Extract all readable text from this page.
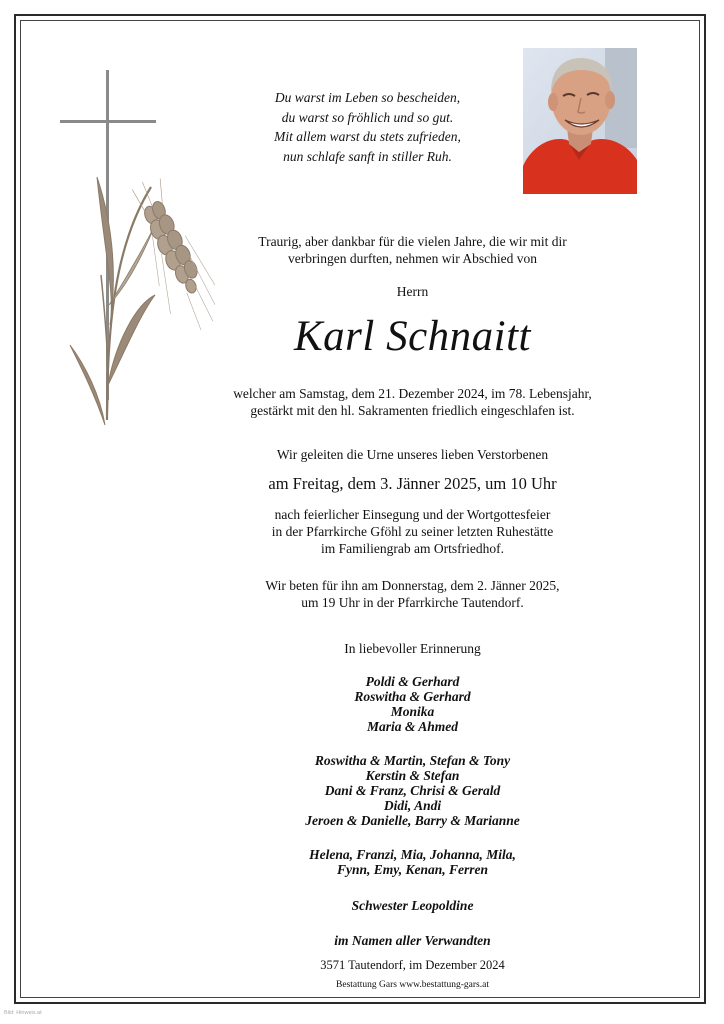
Du warst im Leben so bescheiden,
du warst so fröhlich und so gut.
Mit allem warst du stets zufrieden,
nun schlafe sanft in stiller Ruh.
Traurig, aber dankbar für die vielen Jahre, die wir mit dir
verbringen durften, nehmen wir Abschied von
Herrn
Karl Schnaitt
welcher am Samstag, dem 21. Dezember 2024, im 78. Lebensjahr,
gestärkt mit den hl. Sakramenten friedlich eingeschlafen ist.
Wir geleiten die Urne unseres lieben Verstorbenen
am Freitag, dem 3. Jänner 2025, um 10 Uhr
nach feierlicher Einsegung und der Wortgottesfeier
in der Pfarrkirche Gföhl zu seiner letzten Ruhestätte
im Familiengrab am Ortsfriedhof.
Wir beten für ihn am Donnerstag, dem 2. Jänner 2025,
um 19 Uhr in der Pfarrkirche Tautendorf.
In liebevoller Erinnerung
Poldi & Gerhard
Roswitha & Gerhard
Monika
Maria & Ahmed
Roswitha & Martin, Stefan & Tony
Kerstin & Stefan
Dani & Franz, Chrisi & Gerald
Didi, Andi
Jeroen & Danielle, Barry & Marianne
Helena, Franzi, Mia, Johanna, Mila,
Fynn, Emy, Kenan, Ferren
Schwester Leopoldine
im Namen aller Verwandten
3571 Tautendorf, im Dezember 2024
Bestattung Gars www.bestattung-gars.at
Bild: Hinweis.at
